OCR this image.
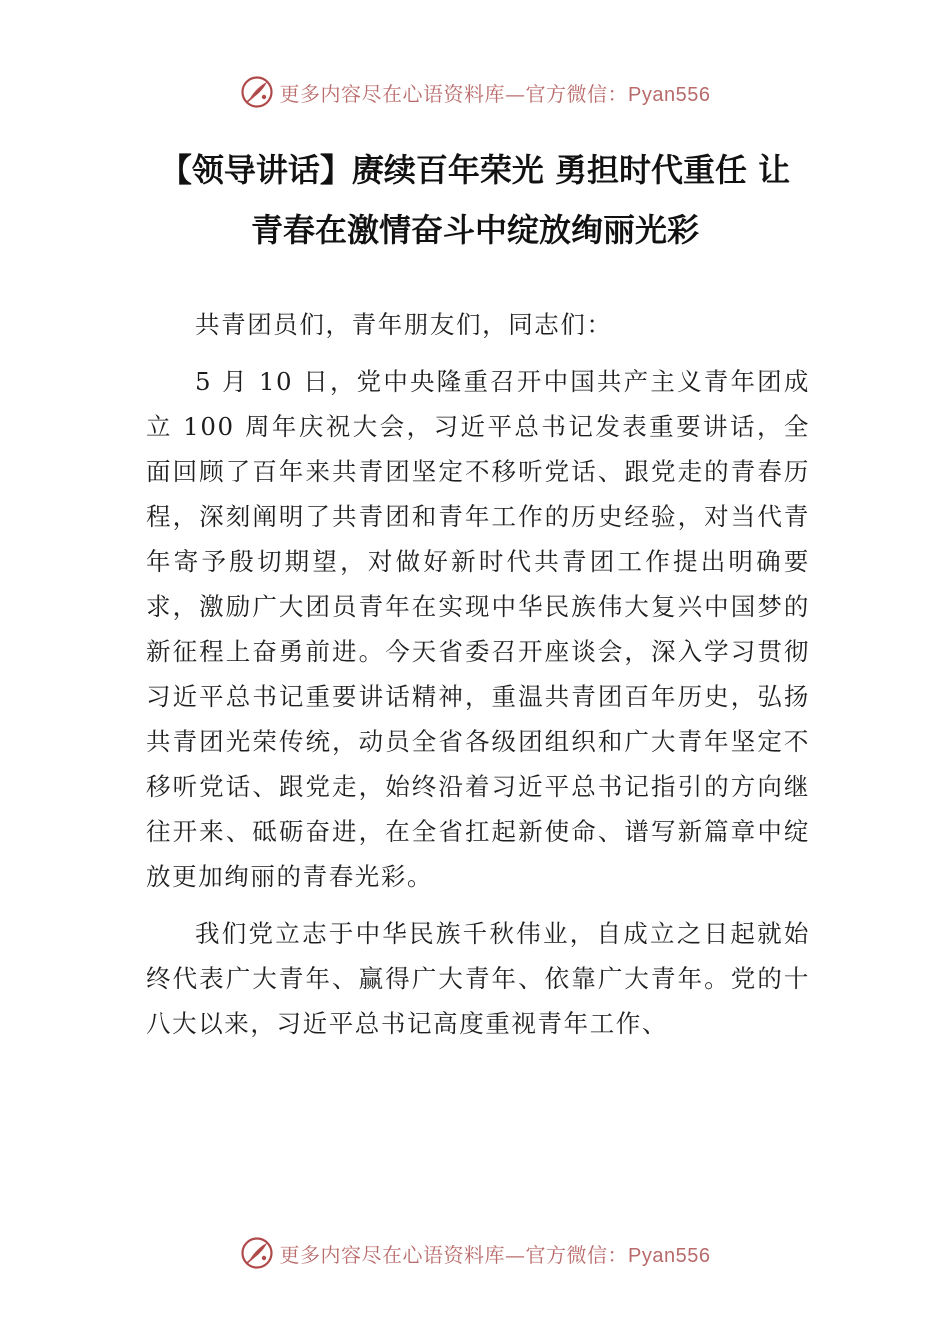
更多内容尽在心语资料库—官方微信：Pyan556
【领导讲话】赓续百年荣光 勇担时代重任 让
青春在激情奋斗中绽放绚丽光彩

共青团员们，青年朋友们，同志们：

5 月 10 日，党中央隆重召开中国共产主义青年团成立 100 周年庆祝大会，习近平总书记发表重要讲话，全面回顾了百年来共青团坚定不移听党话、跟党走的青春历程，深刻阐明了共青团和青年工作的历史经验，对当代青年寄予殷切期望，对做好新时代共青团工作提出明确要求，激励广大团员青年在实现中华民族伟大复兴中国梦的新征程上奋勇前进。今天省委召开座谈会，深入学习贯彻习近平总书记重要讲话精神，重温共青团百年历史，弘扬共青团光荣传统，动员全省各级团组织和广大青年坚定不移听党话、跟党走，始终沿着习近平总书记指引的方向继往开来、砥砺奋进，在全省扛起新使命、谱写新篇章中绽放更加绚丽的青春光彩。

我们党立志于中华民族千秋伟业，自成立之日起就始终代表广大青年、赢得广大青年、依靠广大青年。党的十八大以来，习近平总书记高度重视青年工作、

更多内容尽在心语资料库—官方微信：Pyan556
